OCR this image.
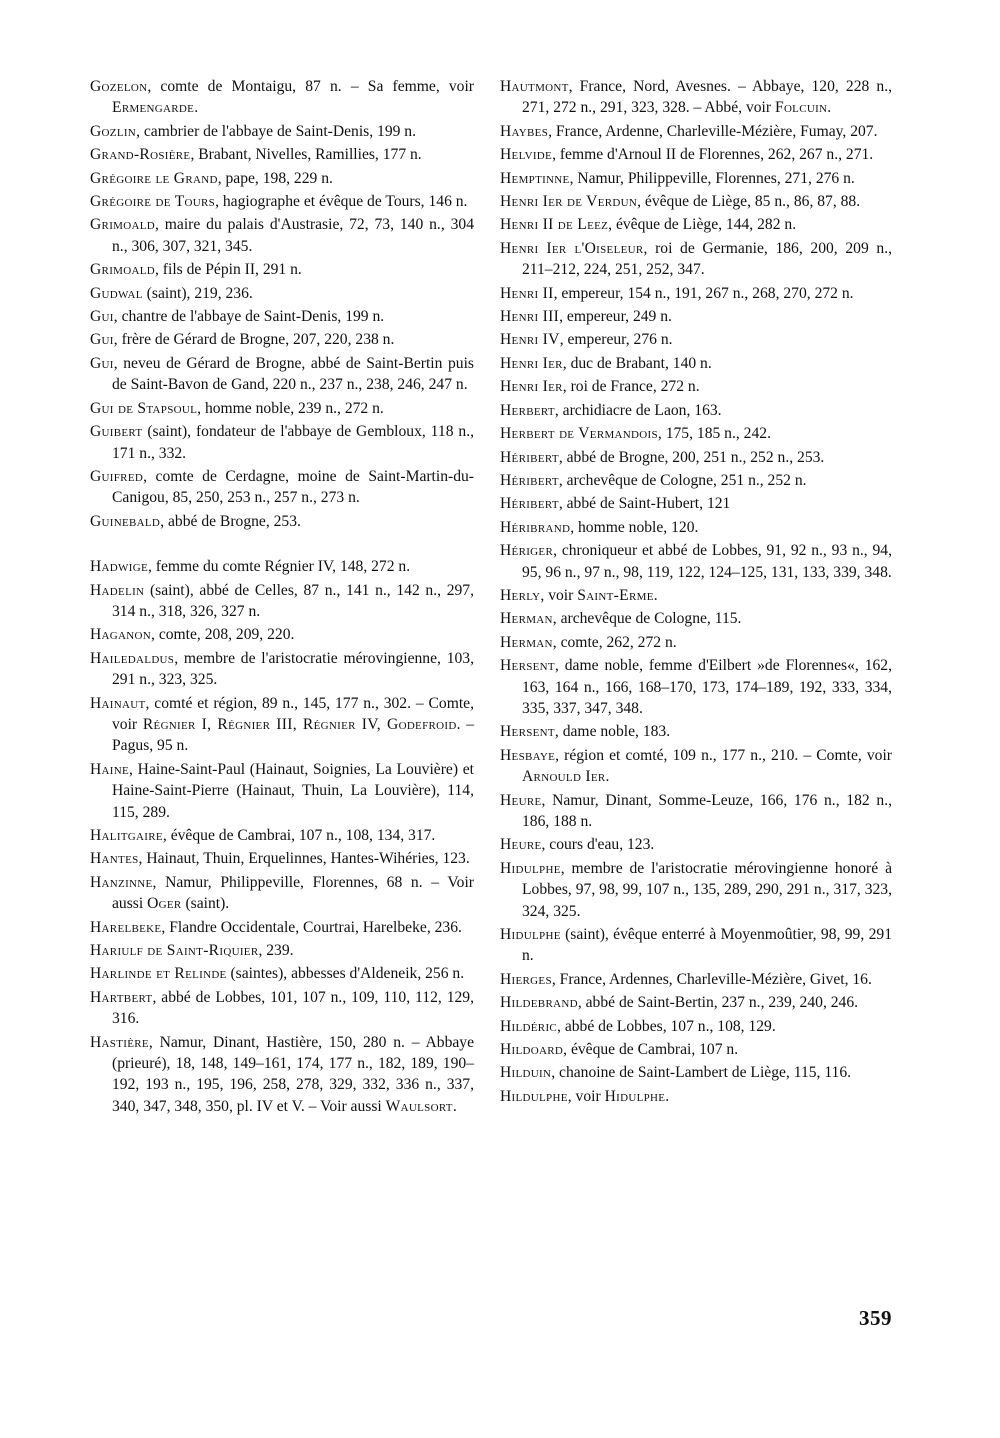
Gozelon, comte de Montaigu, 87 n. – Sa femme, voir Ermengarde.
Gozlin, cambrier de l'abbaye de Saint-Denis, 199 n.
Grand-Rosière, Brabant, Nivelles, Ramillies, 177 n.
Grégoire le Grand, pape, 198, 229 n.
Grégoire de Tours, hagiographe et évêque de Tours, 146 n.
Grimoald, maire du palais d'Austrasie, 72, 73, 140 n., 304 n., 306, 307, 321, 345.
Grimoald, fils de Pépin II, 291 n.
Gudwal (saint), 219, 236.
Gui, chantre de l'abbaye de Saint-Denis, 199 n.
Gui, frère de Gérard de Brogne, 207, 220, 238 n.
Gui, neveu de Gérard de Brogne, abbé de Saint-Bertin puis de Saint-Bavon de Gand, 220 n., 237 n., 238, 246, 247 n.
Gui de Stapsoul, homme noble, 239 n., 272 n.
Guibert (saint), fondateur de l'abbaye de Gembloux, 118 n., 171 n., 332.
Guifred, comte de Cerdagne, moine de Saint-Martin-du-Canigou, 85, 250, 253 n., 257 n., 273 n.
Guinebald, abbé de Brogne, 253.
Hadwige, femme du comte Régnier IV, 148, 272 n.
Hadelin (saint), abbé de Celles, 87 n., 141 n., 142 n., 297, 314 n., 318, 326, 327 n.
Haganon, comte, 208, 209, 220.
Hailedaldus, membre de l'aristocratie mérovingienne, 103, 291 n., 323, 325.
Hainaut, comté et région, 89 n., 145, 177 n., 302. – Comte, voir Régnier I, Régnier III, Régnier IV, Godefroid. – Pagus, 95 n.
Haine, Haine-Saint-Paul (Hainaut, Soignies, La Louvière) et Haine-Saint-Pierre (Hainaut, Thuin, La Louvière), 114, 115, 289.
Halitgaire, évêque de Cambrai, 107 n., 108, 134, 317.
Hantes, Hainaut, Thuin, Erquelinnes, Hantes-Wihéries, 123.
Hanzinne, Namur, Philippeville, Florennes, 68 n. – Voir aussi Oger (saint).
Harelbeke, Flandre Occidentale, Courtrai, Harelbeke, 236.
Hariulf de Saint-Riquier, 239.
Harlinde et Relinde (saintes), abbesses d'Aldeneik, 256 n.
Hartbert, abbé de Lobbes, 101, 107 n., 109, 110, 112, 129, 316.
Hastière, Namur, Dinant, Hastière, 150, 280 n. – Abbaye (prieuré), 18, 148, 149–161, 174, 177 n., 182, 189, 190–192, 193 n., 195, 196, 258, 278, 329, 332, 336 n., 337, 340, 347, 348, 350, pl. IV et V. – Voir aussi Waulsort.
Hautmont, France, Nord, Avesnes. – Abbaye, 120, 228 n., 271, 272 n., 291, 323, 328. – Abbé, voir Folcuin.
Haybes, France, Ardenne, Charleville-Mézière, Fumay, 207.
Helvide, femme d'Arnoul II de Florennes, 262, 267 n., 271.
Hemptinne, Namur, Philippeville, Florennes, 271, 276 n.
Henri Ier de Verdun, évêque de Liège, 85 n., 86, 87, 88.
Henri II de Leez, évêque de Liège, 144, 282 n.
Henri Ier l'Oiseleur, roi de Germanie, 186, 200, 209 n., 211–212, 224, 251, 252, 347.
Henri II, empereur, 154 n., 191, 267 n., 268, 270, 272 n.
Henri III, empereur, 249 n.
Henri IV, empereur, 276 n.
Henri Ier, duc de Brabant, 140 n.
Henri Ier, roi de France, 272 n.
Herbert, archidiacre de Laon, 163.
Herbert de Vermandois, 175, 185 n., 242.
Héribert, abbé de Brogne, 200, 251 n., 252 n., 253.
Héribert, archevêque de Cologne, 251 n., 252 n.
Héribert, abbé de Saint-Hubert, 121
Héribrand, homme noble, 120.
Hériger, chroniqueur et abbé de Lobbes, 91, 92 n., 93 n., 94, 95, 96 n., 97 n., 98, 119, 122, 124–125, 131, 133, 339, 348.
Herly, voir Saint-Erme.
Herman, archevêque de Cologne, 115.
Herman, comte, 262, 272 n.
Hersent, dame noble, femme d'Eilbert »de Florennes«, 162, 163, 164 n., 166, 168–170, 173, 174–189, 192, 333, 334, 335, 337, 347, 348.
Hersent, dame noble, 183.
Hesbaye, région et comté, 109 n., 177 n., 210. – Comte, voir Arnould Ier.
Heure, Namur, Dinant, Somme-Leuze, 166, 176 n., 182 n., 186, 188 n.
Heure, cours d'eau, 123.
Hidulphe, membre de l'aristocratie mérovingienne honoré à Lobbes, 97, 98, 99, 107 n., 135, 289, 290, 291 n., 317, 323, 324, 325.
Hidulphe (saint), évêque enterré à Moyenmoûtier, 98, 99, 291 n.
Hierges, France, Ardennes, Charleville-Mézière, Givet, 16.
Hildebrand, abbé de Saint-Bertin, 237 n., 239, 240, 246.
Hildéric, abbé de Lobbes, 107 n., 108, 129.
Hildoard, évêque de Cambrai, 107 n.
Hilduin, chanoine de Saint-Lambert de Liège, 115, 116.
Hildulphe, voir Hidulphe.
359
